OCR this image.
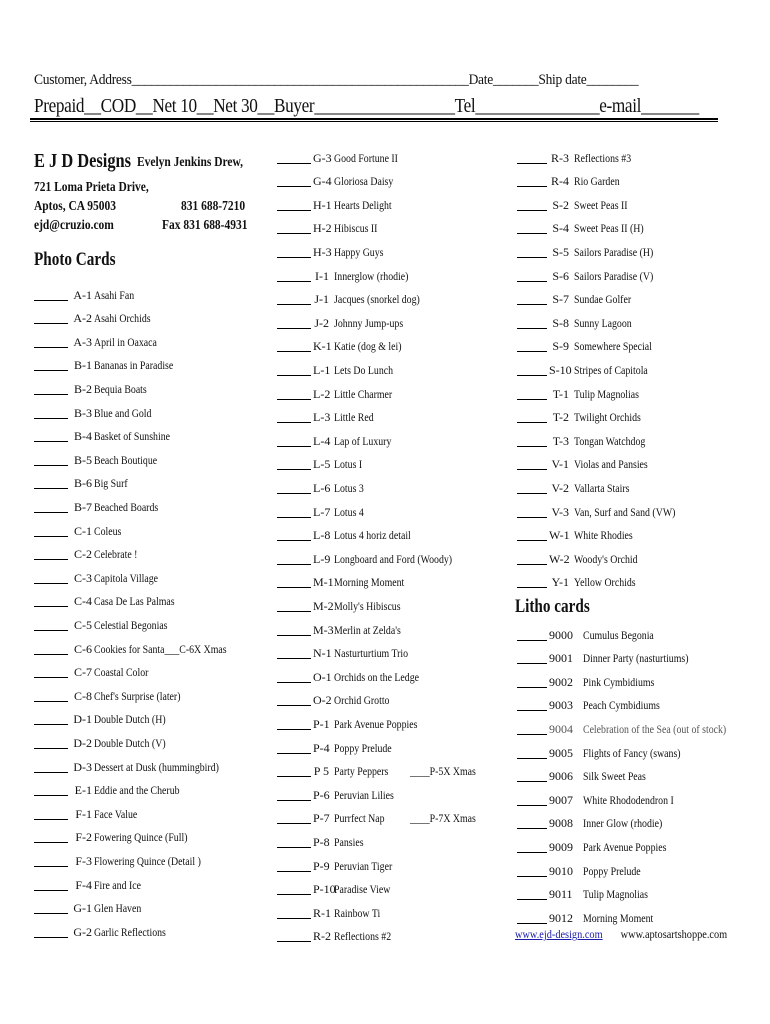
Customer, Address____________________________________________________Date_______Ship date________
Prepaid__COD__Net 10__Net 30__Buyer_________________Tel_______________e-mail_______
E J D Designs Evelyn Jenkins Drew,
721 Loma Prieta Drive,
Aptos, CA 95003	831 688-7210
ejd@cruzio.com	Fax 831 688-4931
Photo Cards
Litho cards
A-1 Asahi Fan
A-2 Asahi Orchids
A-3 April in Oaxaca
B-1 Bananas in Paradise
B-2 Bequia Boats
B-3 Blue and Gold
B-4 Basket of Sunshine
B-5 Beach Boutique
B-6 Big Surf
B-7 Beached Boards
C-1 Coleus
C-2 Celebrate !
C-3 Capitola Village
C-4 Casa De Las Palmas
C-5 Celestial Begonias
C-6 Cookies for Santa___C-6X Xmas
C-7 Coastal Color
C-8 Chef's Surprise (later)
D-1 Double Dutch (H)
D-2 Double Dutch (V)
D-3 Dessert at Dusk (hummingbird)
E-1 Eddie and the Cherub
F-1 Face Value
F-2 Fowering Quince (Full)
F-3 Flowering Quince (Detail )
F-4 Fire and Ice
G-1 Glen Haven
G-2 Garlic Reflections
G-3 Good Fortune II
G-4 Gloriosa Daisy
H-1 Hearts Delight
H-2 Hibiscus II
H-3 Happy Guys
I-1 Innerglow (rhodie)
J-1 Jacques (snorkel dog)
J-2 Johnny Jump-ups
K-1 Katie (dog & lei)
L-1 Lets Do Lunch
L-2 Little Charmer
L-3 Little Red
L-4 Lap of Luxury
L-5 Lotus I
L-6 Lotus 3
L-7 Lotus 4
L-8 Lotus 4 horiz detail
L-9 Longboard and Ford (Woody)
M-1 Morning Moment
M-2 Molly's Hibiscus
M-3 Merlin at Zelda's
N-1 Nasturturtium Trio
O-1 Orchids on the Ledge
O-2 Orchid Grotto
P-1 Park Avenue Poppies
P-4 Poppy Prelude
P 5 Party Peppers ____P-5X Xmas
P-6 Peruvian Lilies
P-7 Purrfect Nap ____P-7X Xmas
P-8 Pansies
P-9 Peruvian Tiger
P-10
Paradise View
R-1 Rainbow Ti
R-2 Reflections #2
R-3 Reflections #3
R-4 Rio Garden
S-2 Sweet Peas II
S-4 Sweet Peas II (H)
S-5 Sailors Paradise (H)
S-6 Sailors Paradise (V)
S-7 Sundae Golfer
S-8 Sunny Lagoon
S-9 Somewhere Special
S-10 Stripes of Capitola
T-1 Tulip Magnolias
T-2 Twilight Orchids
T-3 Tongan Watchdog
V-1 Violas and Pansies
V-2 Vallarta Stairs
V-3 Van, Surf and Sand (VW)
W-1 White Rhodies
W-2 Woody's Orchid
Y-1 Yellow Orchids
9000 Cumulus Begonia
9001 Dinner Party (nasturtiums)
9002 Pink Cymbidiums
9003 Peach Cymbidiums
9004 Celebration of the Sea (out of stock)
9005 Flights of Fancy (swans)
9006 Silk Sweet Peas
9007 White Rhododendron I
9008 Inner Glow (rhodie)
9009 Park Avenue Poppies
9010 Poppy Prelude
9011 Tulip Magnolias
9012 Morning Moment
www.ejd-design.com www.aptosartshoppe.com
